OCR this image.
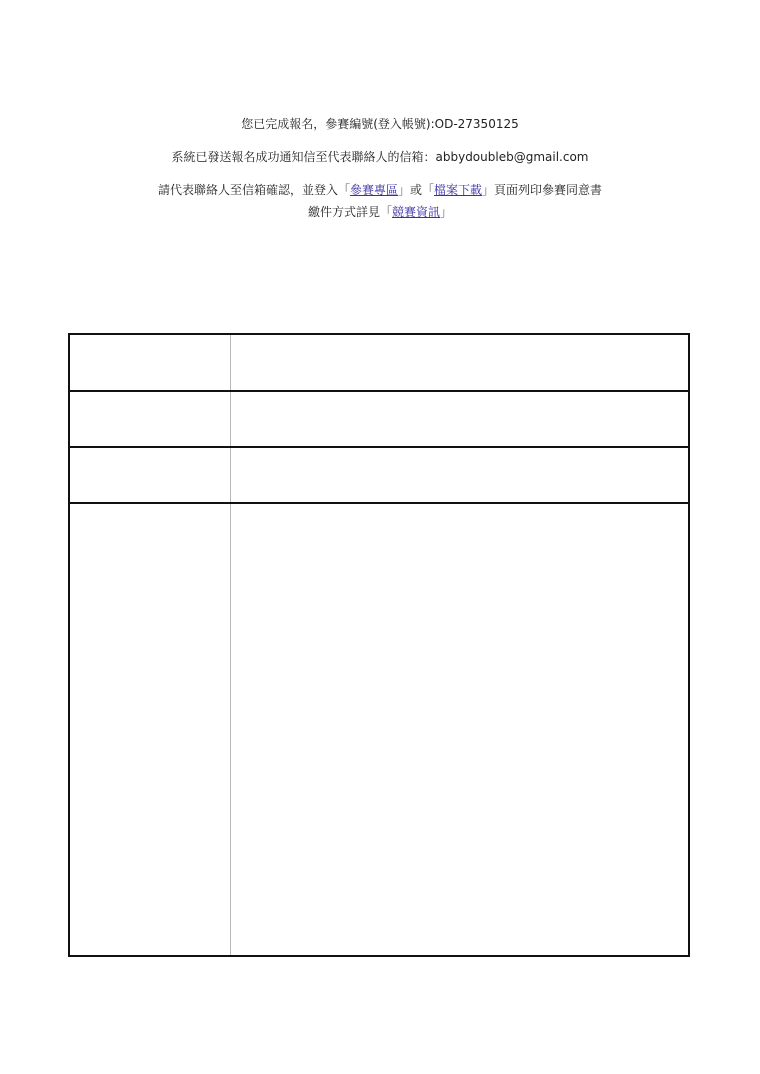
您已完成報名，參賽編號(登入帳號):OD-27350125
系統已發送報名成功通知信至代表聯絡人的信箱：abbydoubleb@gmail.com
請代表聯絡人至信箱確認，並登入「參賽專區」或「檔案下載」頁面列印參賽同意書
繳件方式詳見「競賽資訊」
